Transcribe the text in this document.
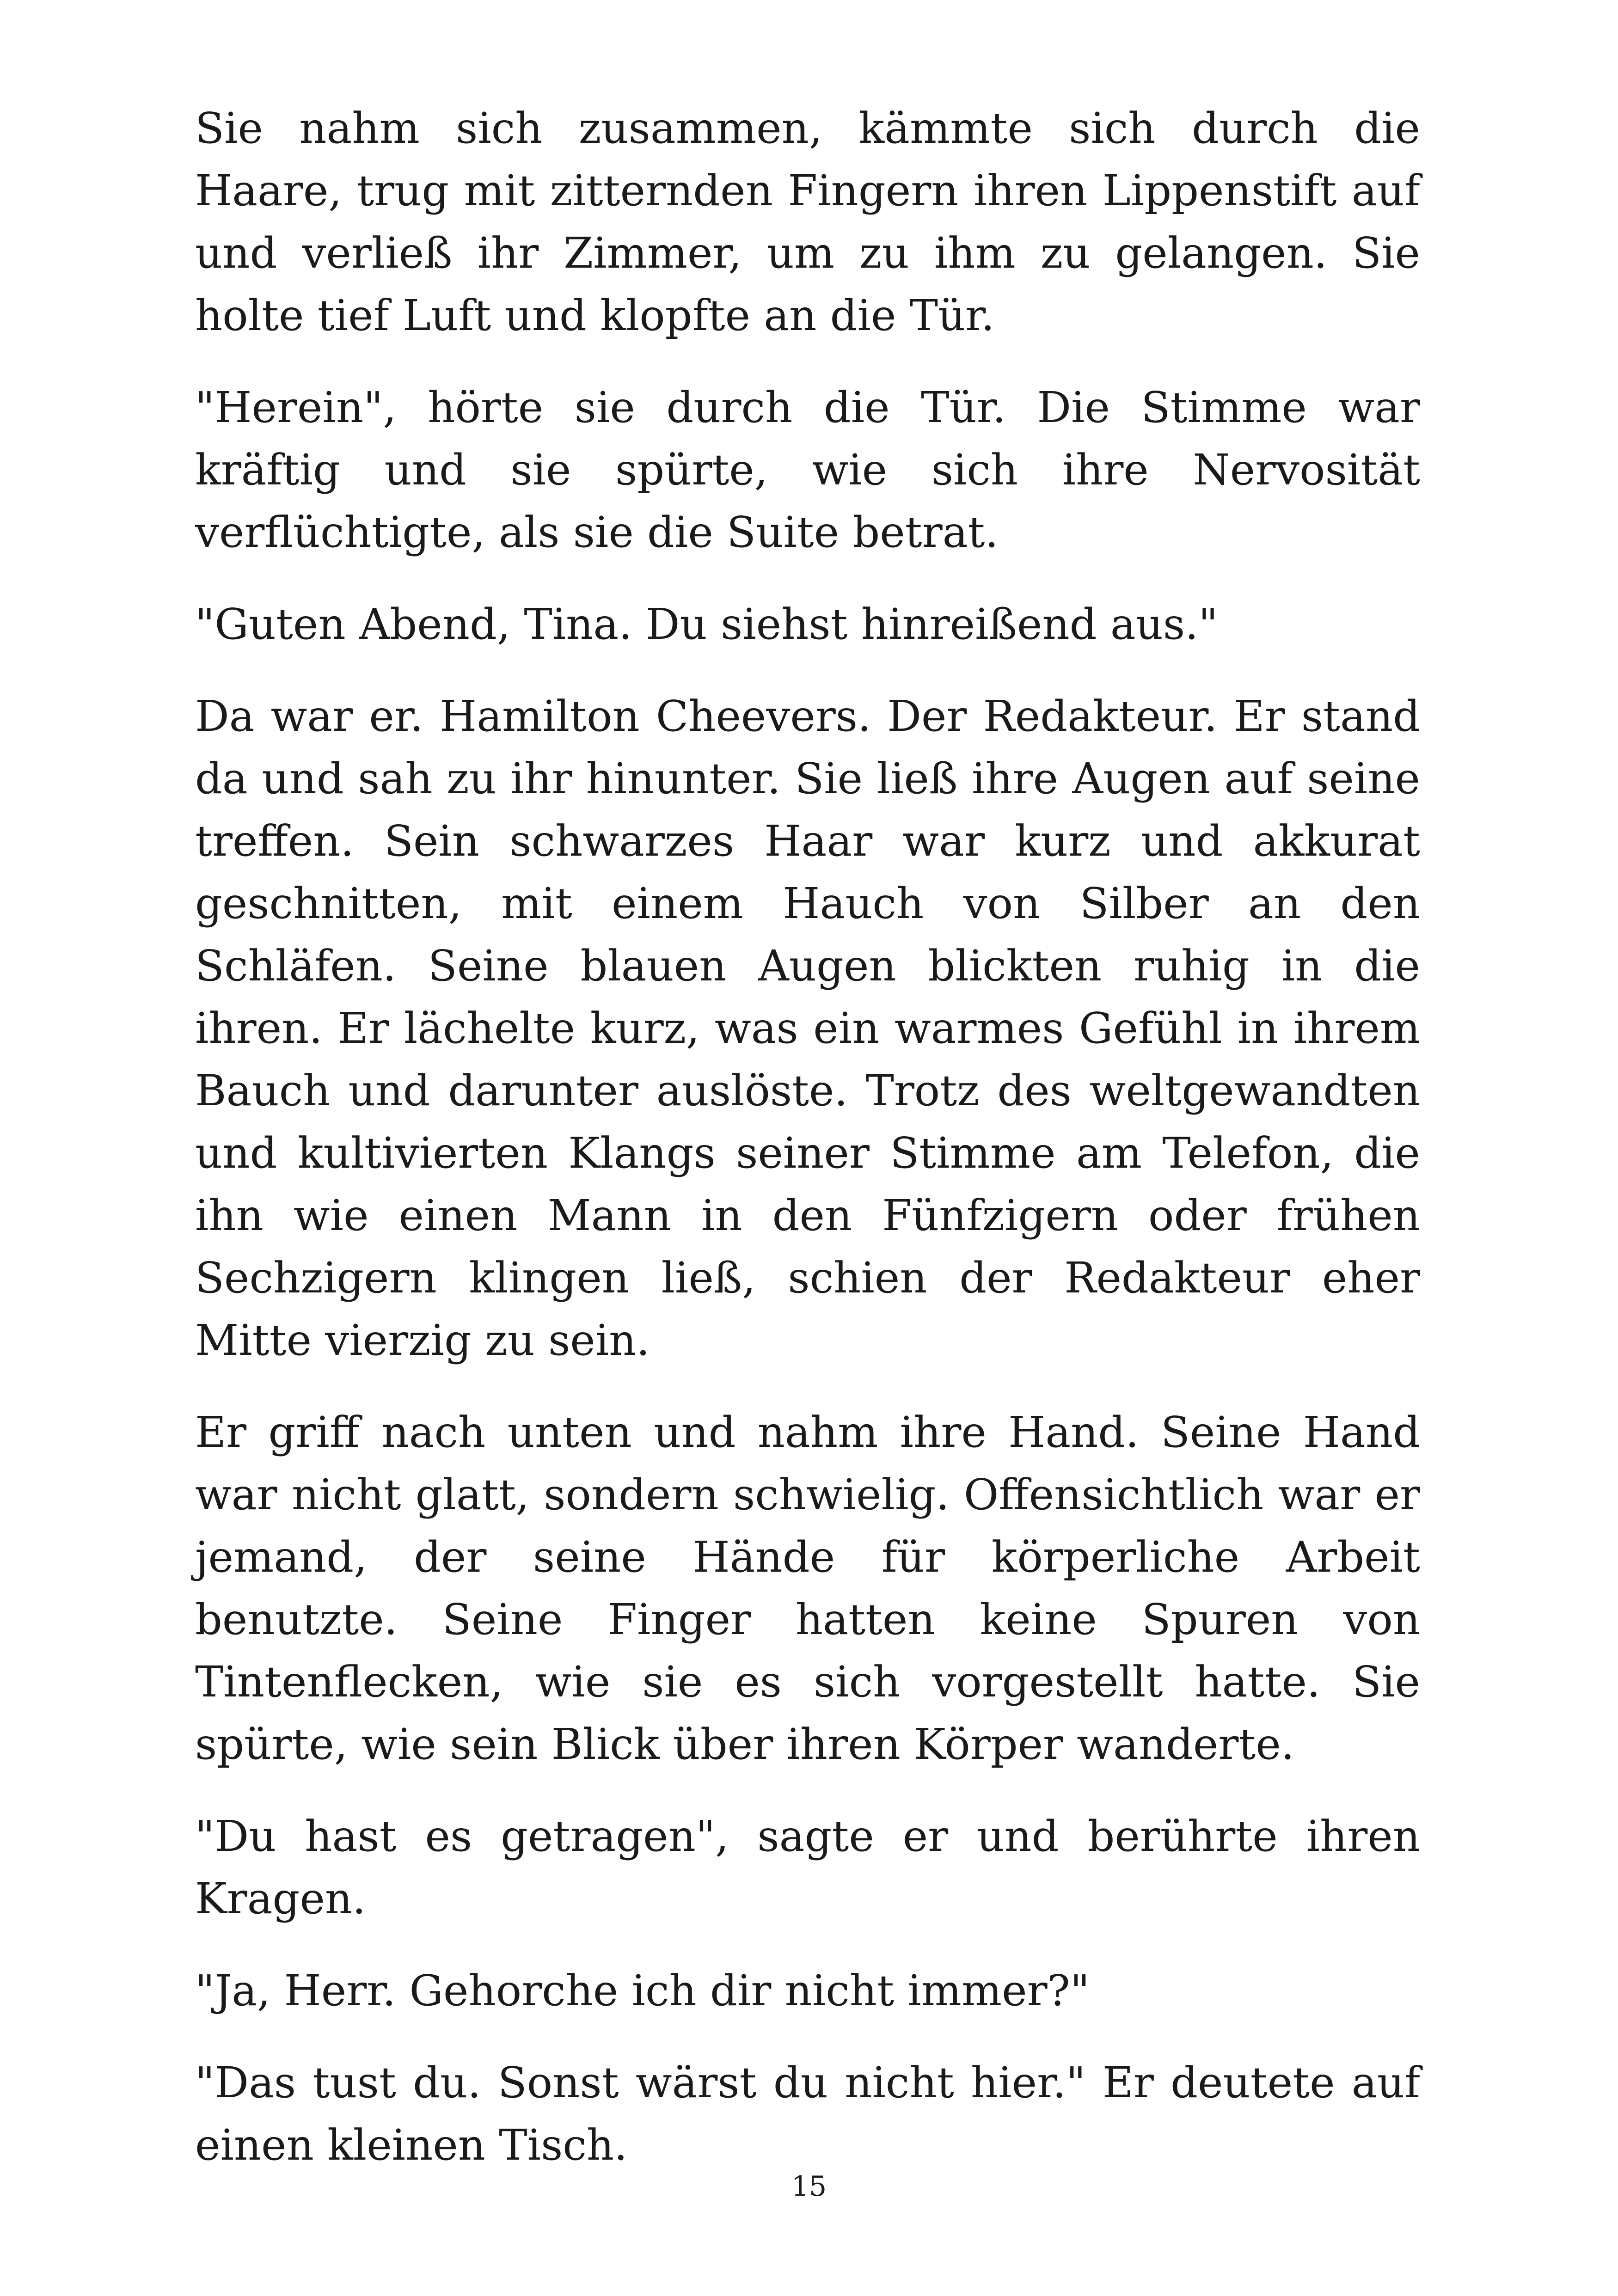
Sie nahm sich zusammen, kämmte sich durch die Haare, trug mit zitternden Fingern ihren Lippenstift auf und verließ ihr Zimmer, um zu ihm zu gelangen. Sie holte tief Luft und klopfte an die Tür.

"Herein", hörte sie durch die Tür. Die Stimme war kräftig und sie spürte, wie sich ihre Nervosität verflüchtigte, als sie die Suite betrat.

"Guten Abend, Tina. Du siehst hinreißend aus."

Da war er. Hamilton Cheevers. Der Redakteur. Er stand da und sah zu ihr hinunter. Sie ließ ihre Augen auf seine treffen. Sein schwarzes Haar war kurz und akkurat geschnitten, mit einem Hauch von Silber an den Schläfen. Seine blauen Augen blickten ruhig in die ihren. Er lächelte kurz, was ein warmes Gefühl in ihrem Bauch und darunter auslöste. Trotz des weltgewandten und kultivierten Klangs seiner Stimme am Telefon, die ihn wie einen Mann in den Fünfzigern oder frühen Sechzigern klingen ließ, schien der Redakteur eher Mitte vierzig zu sein.

Er griff nach unten und nahm ihre Hand. Seine Hand war nicht glatt, sondern schwielig. Offensichtlich war er jemand, der seine Hände für körperliche Arbeit benutzte. Seine Finger hatten keine Spuren von Tintenflecken, wie sie es sich vorgestellt hatte. Sie spürte, wie sein Blick über ihren Körper wanderte.

"Du hast es getragen", sagte er und berührte ihren Kragen.

"Ja, Herr. Gehorche ich dir nicht immer?"

"Das tust du. Sonst wärst du nicht hier." Er deutete auf einen kleinen Tisch.

15
